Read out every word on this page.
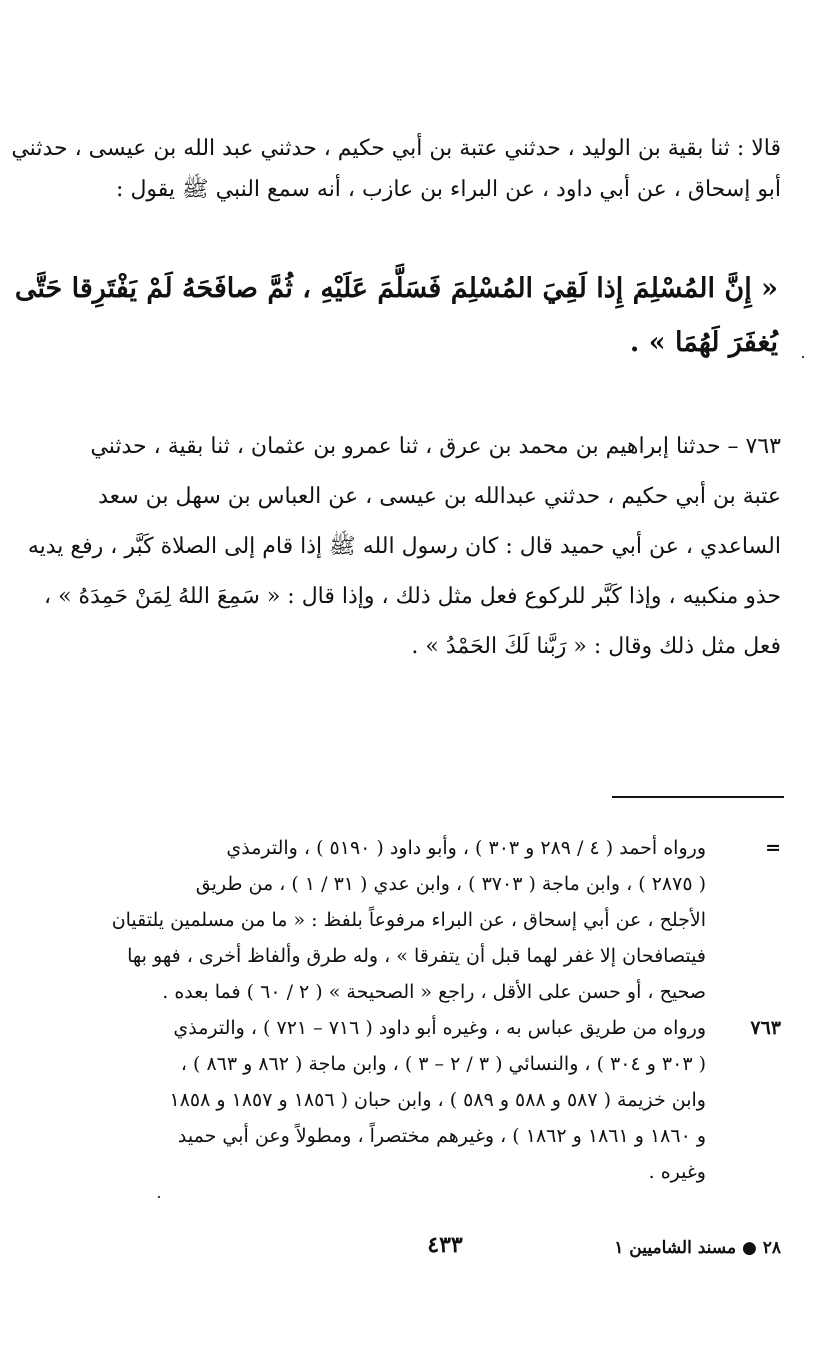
قالا : ثنا بقية بن الوليد ، حدثني عتبة بن أبي حكيم ، حدثني عبد الله بن عيسى ، حدثني
أبو إسحاق ، عن أبي داود ، عن البراء بن عازب ، أنه سمع النبي ﷺ يقول :
« إِنَّ المُسْلِمَ إِذا لَقِيَ المُسْلِمَ فَسَلَّمَ عَلَيْهِ ، ثُمَّ صافَحَهُ لَمْ يَفْتَرِقا حَتَّى
يُغفَرَ لَهُمَا » .
٧٦٣ – حدثنا إبراهيم بن محمد بن عرق ، ثنا عمرو بن عثمان ، ثنا بقية ، حدثني
عتبة بن أبي حكيم ، حدثني عبدالله بن عيسى ، عن العباس بن سهل بن سعد
الساعدي ، عن أبي حميد قال : كان رسول الله ﷺ إذا قام إلى الصلاة كَبَّر ، رفع يديه
حذو منكبيه ، وإذا كَبَّر للركوع فعل مثل ذلك ، وإذا قال : « سَمِعَ اللهُ لِمَنْ حَمِدَهُ » ،
فعل مثل ذلك وقال : « رَبَّنا لَكَ الحَمْدُ » .
=
ورواه أحمد ( ٤ / ٢٨٩ و ٣٠٣ ) ، وأبو داود ( ٥١٩٠ ) ، والترمذي
( ٢٨٧٥ ) ، وابن ماجة ( ٣٧٠٣ ) ، وابن عدي ( ٣١ / ١ ) ، من طريق
الأجلح ، عن أبي إسحاق ، عن البراء مرفوعاً بلفظ : « ما من مسلمين يلتقيان
فيتصافحان إلا غفر لهما قبل أن يتفرقا » ، وله طرق وألفاظ أخرى ، فهو بها
صحيح ، أو حسن على الأقل ، راجع « الصحيحة » ( ٢ / ٦٠ ) فما بعده .
٧٦٣
ورواه من طريق عباس به ، وغيره أبو داود ( ٧١٦ – ٧٢١ ) ، والترمذي
( ٣٠٣ و ٣٠٤ ) ، والنسائي ( ٣ / ٢ – ٣ ) ، وابن ماجة ( ٨٦٢ و ٨٦٣ ) ،
وابن خزيمة ( ٥٨٧ و ٥٨٨ و ٥٨٩ ) ، وابن حبان ( ١٨٥٦ و ١٨٥٧ و ١٨٥٨
و ١٨٦٠ و ١٨٦١ و ١٨٦٢ ) ، وغيرهم مختصراً ، ومطولاً وعن أبي حميد
وغيره .
٢٨ ● مسند الشاميين ١
٤٣٣
